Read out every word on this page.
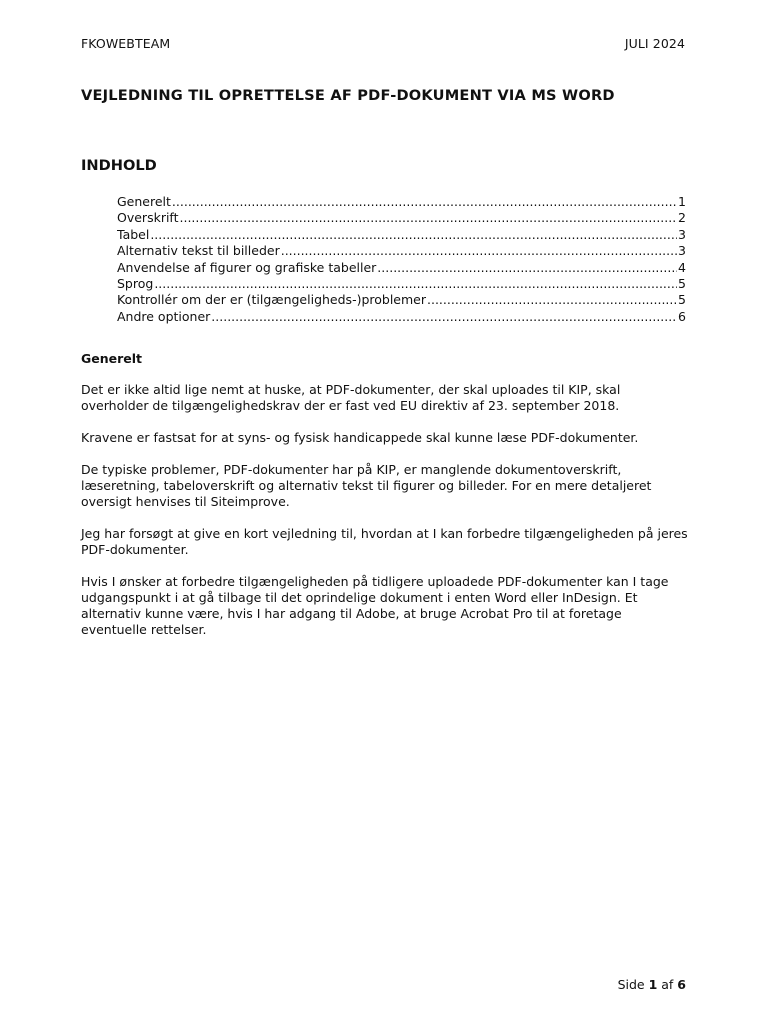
FKOWEBTEAM	JULI 2024
VEJLEDNING TIL OPRETTELSE AF PDF-DOKUMENT VIA MS WORD
INDHOLD
Generelt .....	1
Overskrift .....	2
Tabel .....	3
Alternativ tekst til billeder .....	3
Anvendelse af figurer og grafiske tabeller .....	4
Sprog .....	5
Kontrollér om der er (tilgængeligheds-)problemer .....	5
Andre optioner .....	6
Generelt

Det er ikke altid lige nemt at huske, at PDF-dokumenter, der skal uploades til KIP, skal overholder de tilgængelighedskrav der er fast ved EU direktiv af 23. september 2018.

Kravene er fastsat for at syns- og fysisk handicappede skal kunne læse PDF-dokumenter.

De typiske problemer, PDF-dokumenter har på KIP, er manglende dokumentoverskrift, læseretning, tabeloverskrift og alternativ tekst til figurer og billeder. For en mere detaljeret oversigt henvises til Siteimprove.

Jeg har forsøgt at give en kort vejledning til, hvordan at I kan forbedre tilgængeligheden på jeres PDF-dokumenter.

Hvis I ønsker at forbedre tilgængeligheden på tidligere uploadede PDF-dokumenter kan I tage udgangspunkt i at gå tilbage til det oprindelige dokument i enten Word eller InDesign. Et alternativ kunne være, hvis I har adgang til Adobe, at bruge Acrobat Pro til at foretage eventuelle rettelser.

Side 1 af 6
